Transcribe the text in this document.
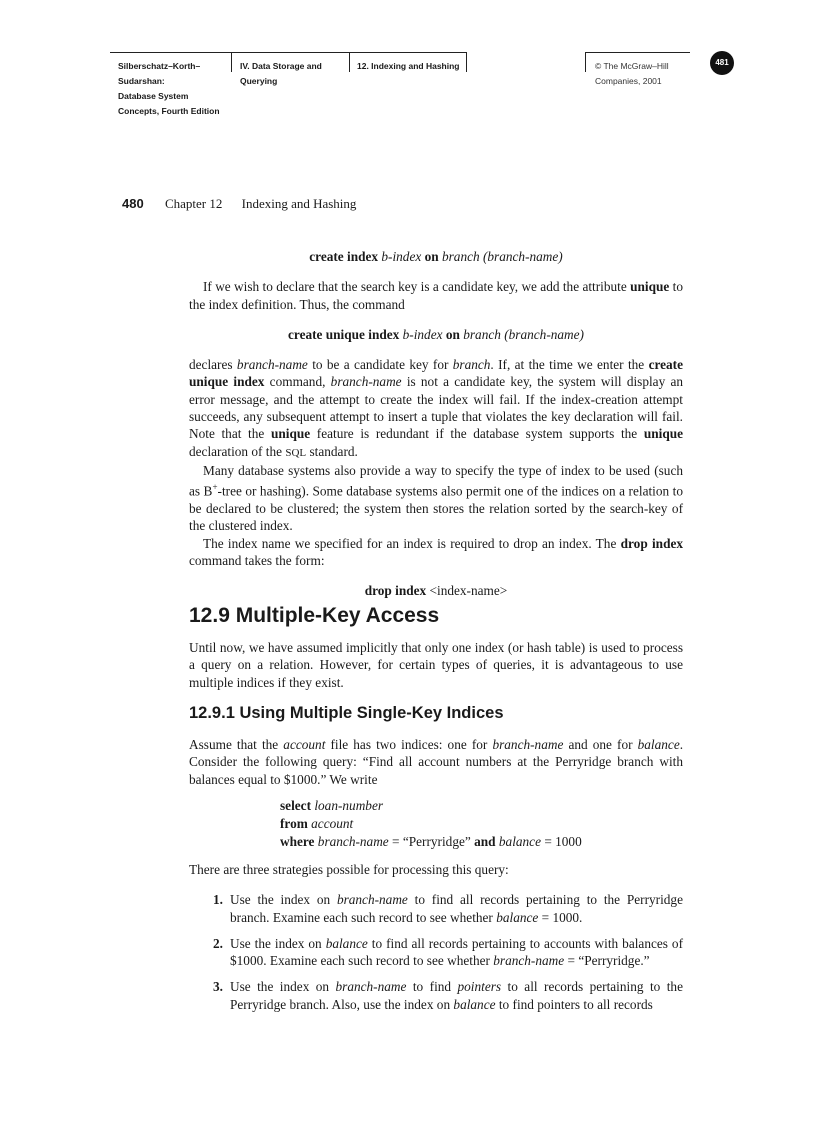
Silberschatz–Korth–Sudarshan:
Database System
Concepts, Fourth Edition
IV. Data Storage and
Querying
12. Indexing and Hashing	© The McGraw–Hill
Companies, 2001
481
480 Chapter 12 Indexing and Hashing

create index b-index on branch (branch-name)

If we wish to declare that the search key is a candidate key, we add the attribute unique to the index definition. Thus, the command

create unique index b-index on branch (branch-name)

declares branch-name to be a candidate key for branch. If, at the time we enter the create unique index command, branch-name is not a candidate key, the system will display an error message, and the attempt to create the index will fail. If the index-creation attempt succeeds, any subsequent attempt to insert a tuple that violates the key declaration will fail. Note that the unique feature is redundant if the database system supports the unique declaration of the SQL standard.

Many database systems also provide a way to specify the type of index to be used (such as B+-tree or hashing). Some database systems also permit one of the indices on a relation to be declared to be clustered; the system then stores the relation sorted by the search-key of the clustered index.

The index name we specified for an index is required to drop an index. The drop index command takes the form:

drop index <index-name>

12.9 Multiple-Key Access

Until now, we have assumed implicitly that only one index (or hash table) is used to process a query on a relation. However, for certain types of queries, it is advantageous to use multiple indices if they exist.

12.9.1 Using Multiple Single-Key Indices

Assume that the account file has two indices: one for branch-name and one for balance. Consider the following query: “Find all account numbers at the Perryridge branch with balances equal to $1000.” We write

select loan-number
from account
where branch-name = “Perryridge” and balance = 1000

There are three strategies possible for processing this query:

1. Use the index on branch-name to find all records pertaining to the Perryridge branch. Examine each such record to see whether balance = 1000.
2. Use the index on balance to find all records pertaining to accounts with balances of $1000. Examine each such record to see whether branch-name = “Perryridge.”
3. Use the index on branch-name to find pointers to all records pertaining to the Perryridge branch. Also, use the index on balance to find pointers to all records
